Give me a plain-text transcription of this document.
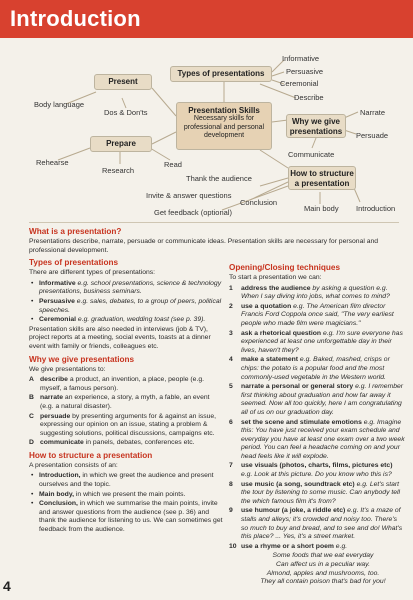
Introduction
Types of presentations
Informative
Persuasive
Ceremonial
Describe
Present
Body language
Dos & Don'ts	Presentation Skills
Necessary skills for professional and personal development
Prepare
Rehearse
Research
Read
Why we give presentations
Narrate
Persuade
Communicate
How to structure a presentation
Thank the audience
Invite & answer questions
Conclusion
Get feedback (optional)	Main body Introduction
What is a presentation?
Presentations describe, narrate, persuade or communicate ideas. Presentation skills are necessary for personal and professional development.
Types of presentations
There are different types of presentations:
• Informative e.g. school presentations, science & technology presentations, business seminars.
• Persuasive e.g. sales, debates, to a group of peers, political speeches.
• Ceremonial e.g. graduation, wedding toast (see p. 39).
Presentation skills are also needed in interviews (job & TV), project reports at a meeting, social events, toasts at a dinner event with family or friends, colleagues etc.
Why we give presentations
We give presentations to:
A describe a product, an invention, a place, people (e.g. myself, a famous person).
B narrate an experience, a story, a myth, a fable, an event (e.g. a natural disaster).
C persuade by presenting arguments for & against an issue, expressing our opinion on an issue, stating a problem & suggesting solutions, political discussions, campaigns etc.
D communicate in panels, debates, conferences etc.
How to structure a presentation
A presentation consists of an:
• Introduction, in which we greet the audience and present ourselves and the topic.
• Main body, in which we present the main points.
• Conclusion, in which we summarise the main points, invite and answer questions from the audience (see p. 36) and thank the audience for listening to us. We can sometimes get feedback from the audience.
Opening/Closing techniques
To start a presentation we can:
1 address the audience by asking a question e.g. When I say diving into jobs, what comes to mind?
2 use a quotation e.g. The American film director Francis Ford Coppola once said, "The very earliest people who made film were magicians."
3 ask a rhetorical question e.g. I'm sure everyone has experienced at least one unforgettable day in their lives, haven't they?
4 make a statement e.g. Baked, mashed, crisps or chips: the potato is a popular food and the most commonly-used vegetable in the Western world.
5 narrate a personal or general story e.g. I remember first thinking about graduation and how far away it seemed. Now all too quickly, here I am congratulating all of us on our graduation day.
6 set the scene and stimulate emotions e.g. Imagine this: You have just received your exam schedule and everyday you have at least one exam over a two week period. You can feel a headache coming on and your head feels like it will explode.
7 use visuals (photos, charts, films, pictures etc) e.g. Look at this picture. Do you know who this is?
8 use music (a song, soundtrack etc) e.g. Let's start the tour by listening to some music. Can anybody tell the which famous film it's from?
9 use humour (a joke, a riddle etc) e.g. It's a maze of stalls and alleys; it's crowded and noisy too. There's so much to buy and bread, and to see and do! What's this place? ... Yes, it's a street market.
10 use a rhyme or a short poem e.g.
Some foods that we eat everyday
Can affect us in a peculiar way.
Almond, apples and mushrooms, too.
They all contain poison that's bad for you!
4
